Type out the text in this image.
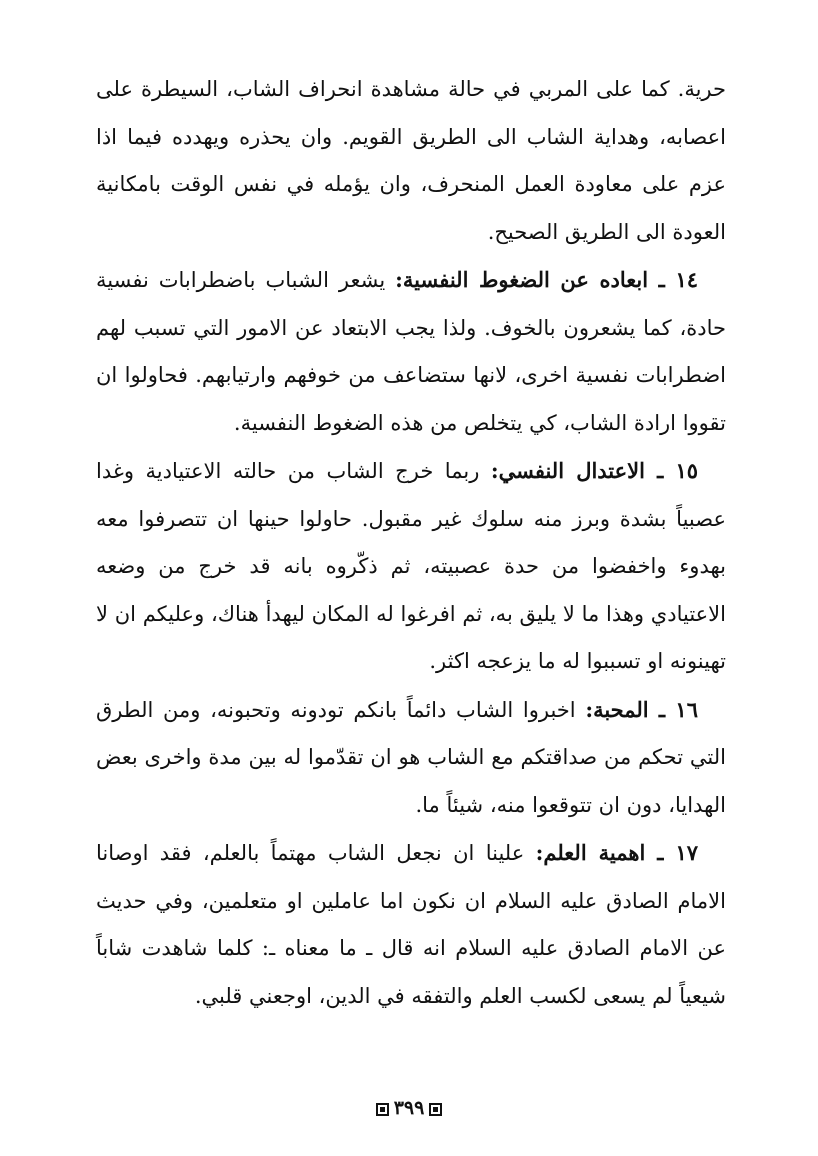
حرية. كما على المربي في حالة مشاهدة انحراف الشاب، السيطرة على اعصابه، وهداية الشاب الى الطريق القويم. وان يحذره ويهدده فيما اذا عزم على معاودة العمل المنحرف، وان يؤمله في نفس الوقت بامكانية العودة الى الطريق الصحيح.

١٤ ـ ابعاده عن الضغوط النفسية: يشعر الشباب باضطرابات نفسية حادة، كما يشعرون بالخوف. ولذا يجب الابتعاد عن الامور التي تسبب لهم اضطرابات نفسية اخرى، لانها ستضاعف من خوفهم وارتيابهم. فحاولوا ان تقووا ارادة الشاب، كي يتخلص من هذه الضغوط النفسية.

١٥ ـ الاعتدال النفسي: ربما خرج الشاب من حالته الاعتيادية وغدا عصبياً بشدة وبرز منه سلوك غير مقبول. حاولوا حينها ان تتصرفوا معه بهدوء واخفضوا من حدة عصبيته، ثم ذكّروه بانه قد خرج من وضعه الاعتيادي وهذا ما لا يليق به، ثم افرغوا له المكان ليهدأ هناك، وعليكم ان لا تهينونه او تسببوا له ما يزعجه اكثر.

١٦ ـ المحبة: اخبروا الشاب دائماً بانكم تودونه وتحبونه، ومن الطرق التي تحكم من صداقتكم مع الشاب هو ان تقدّموا له بين مدة واخرى بعض الهدايا، دون ان تتوقعوا منه، شيئاً ما.

١٧ ـ اهمية العلم: علينا ان نجعل الشاب مهتماً بالعلم، فقد اوصانا الامام الصادق عليه السلام ان نكون اما عاملين او متعلمين، وفي حديث عن الامام الصادق عليه السلام انه قال ـ ما معناه ـ: كلما شاهدت شاباً شيعياً لم يسعى لكسب العلم والتفقه في الدين، اوجعني قلبي.

٣٩٩
